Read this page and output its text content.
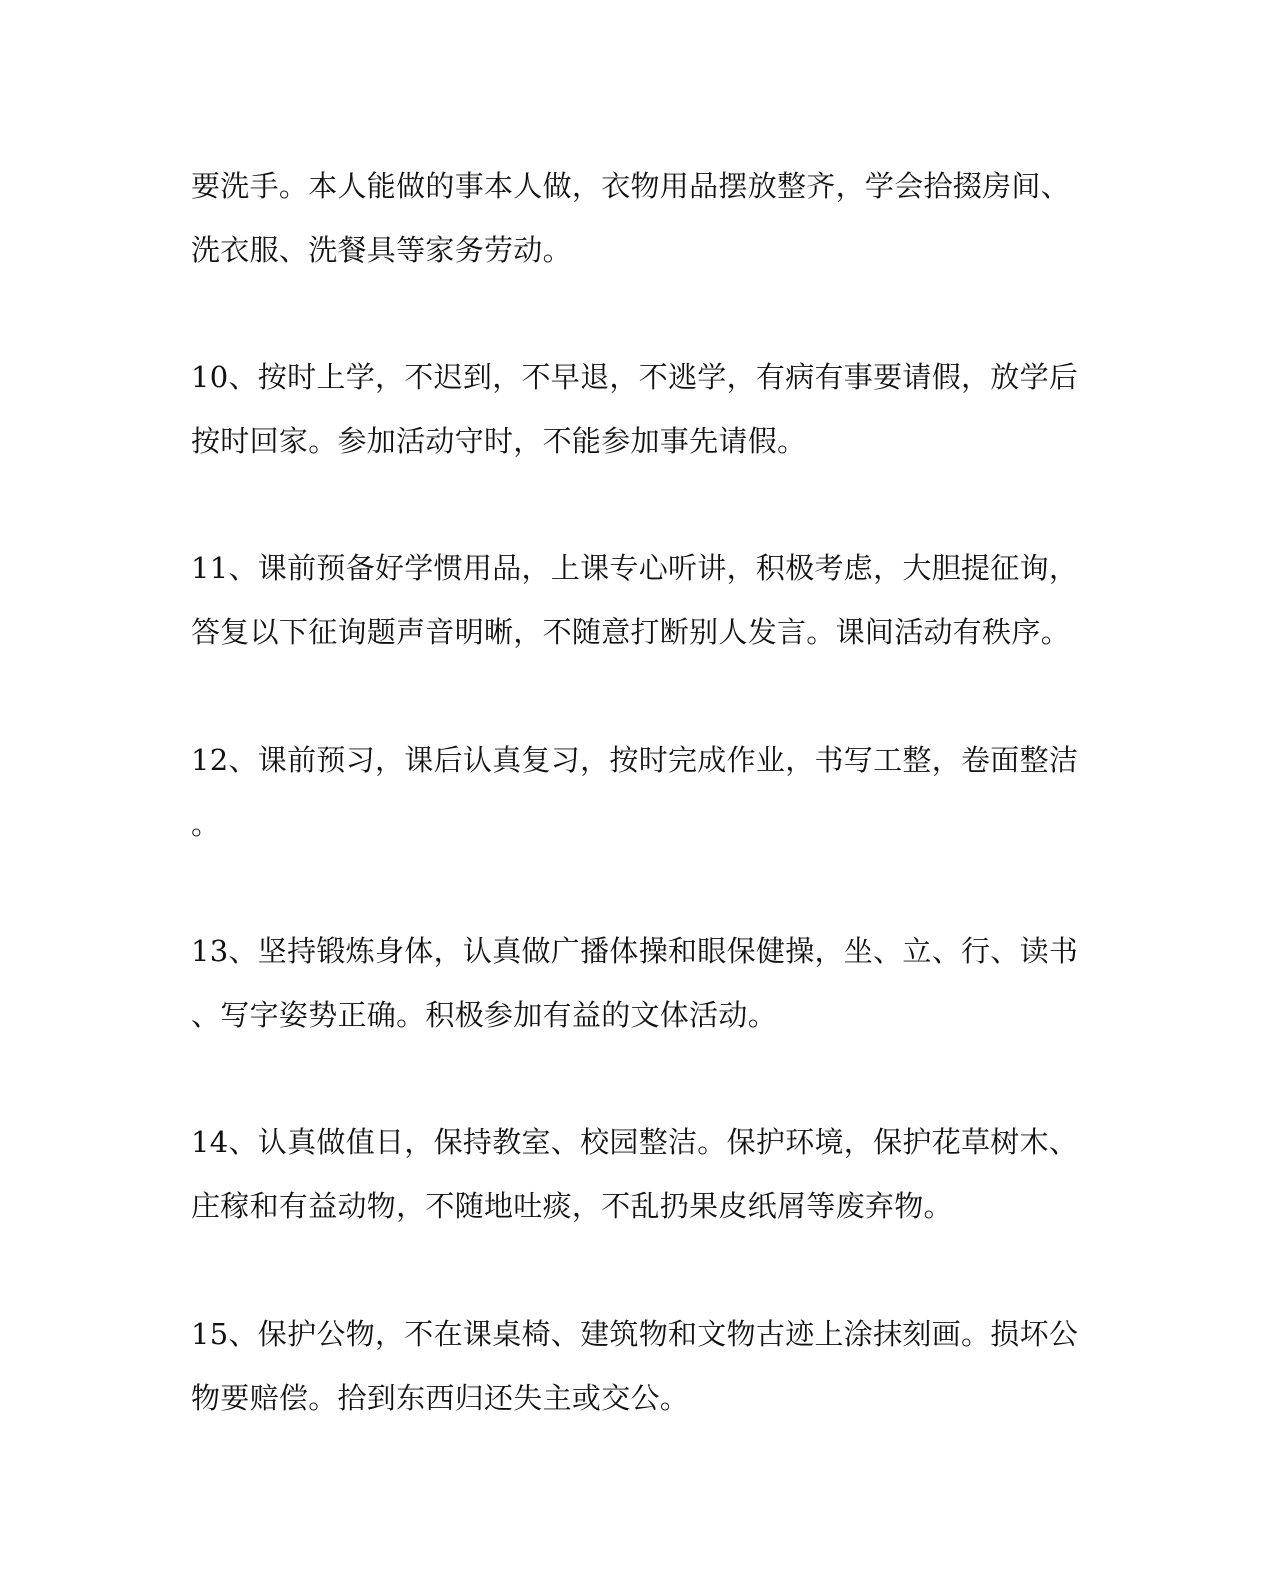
要洗手。本人能做的事本人做，衣物用品摆放整齐，学会拾掇房间、
洗衣服、洗餐具等家务劳动。
10、按时上学，不迟到，不早退，不逃学，有病有事要请假，放学后
按时回家。参加活动守时，不能参加事先请假。
11、课前预备好学惯用品，上课专心听讲，积极考虑，大胆提征询，
答复以下征询题声音明晰，不随意打断别人发言。课间活动有秩序。
12、课前预习，课后认真复习，按时完成作业，书写工整，卷面整洁
。
13、坚持锻炼身体，认真做广播体操和眼保健操，坐、立、行、读书
、写字姿势正确。积极参加有益的文体活动。
14、认真做值日，保持教室、校园整洁。保护环境，保护花草树木、
庄稼和有益动物，不随地吐痰，不乱扔果皮纸屑等废弃物。
15、保护公物，不在课桌椅、建筑物和文物古迹上涂抹刻画。损坏公
物要赔偿。拾到东西归还失主或交公。
